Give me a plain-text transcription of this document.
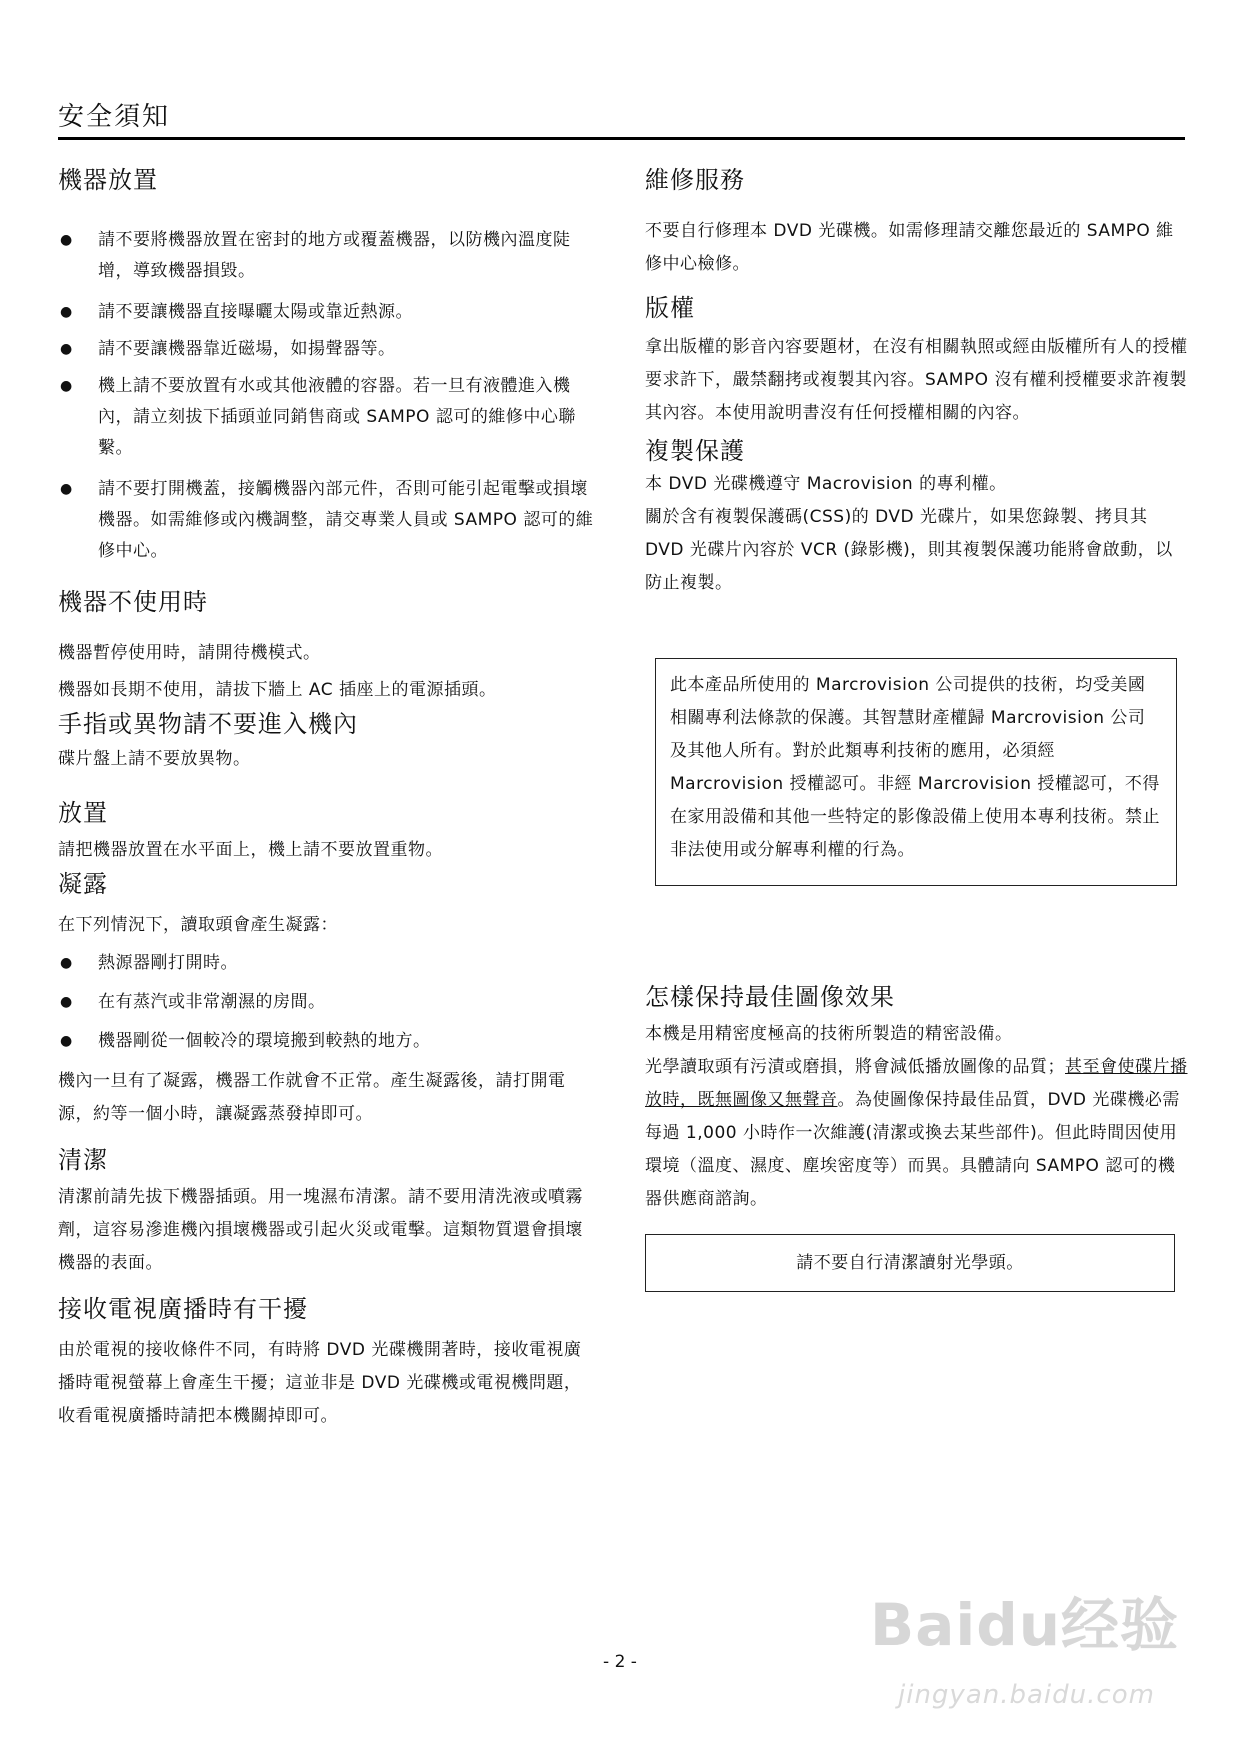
安全須知
機器放置
● 請不要將機器放置在密封的地方或覆蓋機器，以防機內溫度陡增，導致機器損毀。
● 請不要讓機器直接曝曬太陽或靠近熱源。
● 請不要讓機器靠近磁場，如揚聲器等。
● 機上請不要放置有水或其他液體的容器。若一旦有液體進入機內，請立刻拔下插頭並同銷售商或 SAMPO 認可的維修中心聯繫。
● 請不要打開機蓋，接觸機器內部元件，否則可能引起電擊或損壞機器。如需維修或內機調整，請交專業人員或 SAMPO 認可的維修中心。
機器不使用時

機器暫停使用時，請開待機模式。

機器如長期不使用，請拔下牆上 AC 插座上的電源插頭。

手指或異物請不要進入機內

碟片盤上請不要放異物。

放置

請把機器放置在水平面上，機上請不要放置重物。

凝露

在下列情況下，讀取頭會產生凝露：

● 熱源器剛打開時。
● 在有蒸汽或非常潮濕的房間。
● 機器剛從一個較冷的環境搬到較熱的地方。

機內一旦有了凝露，機器工作就會不正常。產生凝露後，請打開電源，約等一個小時，讓凝露蒸發掉即可。

清潔

清潔前請先拔下機器插頭。用一塊濕布清潔。請不要用清洗液或噴霧劑，這容易滲進機內損壞機器或引起火災或電擊。這類物質還會損壞機器的表面。

接收電視廣播時有干擾

由於電視的接收條件不同，有時將 DVD 光碟機開著時，接收電視廣播時電視螢幕上會產生干擾；這並非是 DVD 光碟機或電視機問題，收看電視廣播時請把本機關掉即可。

維修服務

不要自行修理本 DVD 光碟機。如需修理請交離您最近的 SAMPO 維修中心檢修。

版權

拿出版權的影音內容要題材，在沒有相關執照或經由版權所有人的授權要求許下，嚴禁翻拷或複製其內容。SAMPO 沒有權利授權要求許複製其內容。本使用說明書沒有任何授權相關的內容。

複製保護

本 DVD 光碟機遵守 Macrovision 的專利權。

關於含有複製保護碼(CSS)的 DVD 光碟片，如果您錄製、拷貝其 DVD 光碟片內容於 VCR (錄影機)，則其複製保護功能將會啟動，以防止複製。

此本產品所使用的 Marcrovision 公司提供的技術，均受美國相關專利法條款的保護。其智慧財產權歸 Marcrovision 公司及其他人所有。對於此類專利技術的應用，必須經 Marcrovision 授權認可。非經 Marcrovision 授權認可，不得在家用設備和其他一些特定的影像設備上使用本專利技術。禁止非法使用或分解專利權的行為。

怎樣保持最佳圖像效果

本機是用精密度極高的技術所製造的精密設備。

光學讀取頭有污漬或磨損，將會減低播放圖像的品質；甚至會使碟片播放時，既無圖像又無聲音。為使圖像保持最佳品質，DVD 光碟機必需每過 1,000 小時作一次維護(清潔或換去某些部件)。但此時間因使用環境（溫度、濕度、塵埃密度等）而異。具體請向 SAMPO 認可的機器供應商諮詢。

請不要自行清潔讀射光學頭。

- 2 -
Baidu经验
jingyan.baidu.com
